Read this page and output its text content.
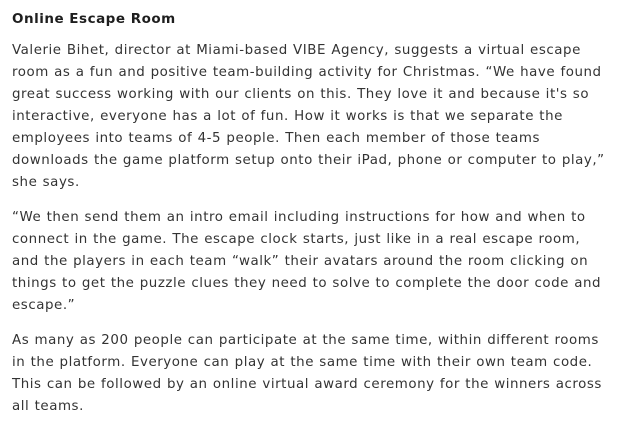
Online Escape Room

Valerie Bihet, director at Miami-based VIBE Agency, suggests a virtual escape room as a fun and positive team-building activity for Christmas. “We have found great success working with our clients on this. They love it and because it's so interactive, everyone has a lot of fun. How it works is that we separate the employees into teams of 4-5 people. Then each member of those teams downloads the game platform setup onto their iPad, phone or computer to play,” she says.

“We then send them an intro email including instructions for how and when to connect in the game. The escape clock starts, just like in a real escape room, and the players in each team “walk” their avatars around the room clicking on things to get the puzzle clues they need to solve to complete the door code and escape.”

As many as 200 people can participate at the same time, within different rooms in the platform. Everyone can play at the same time with their own team code. This can be followed by an online virtual award ceremony for the winners across all teams.
